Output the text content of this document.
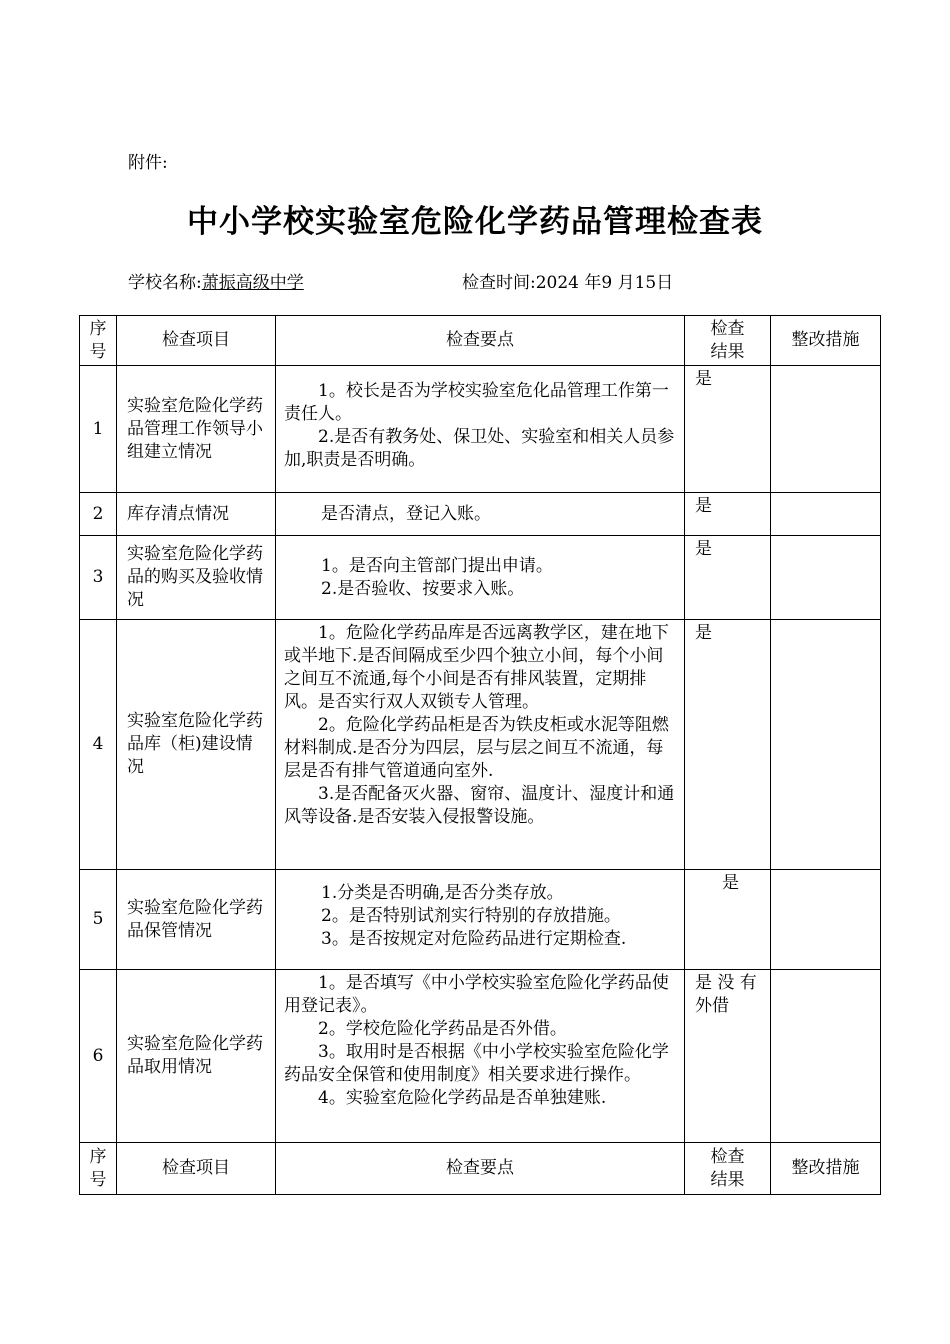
附件:
中小学校实验室危险化学药品管理检查表
学校名称:萧振高级中学	检查时间:2024 年9 月15日
序号	检查项目	检查要点	检查结果	整改措施
1	实验室危险化学药品管理工作领导小组建立情况	1。校长是否为学校实验室危化品管理工作第一责任人。

2.是否有教务处、保卫处、实验室和相关人员参加,职责是否明确。	是	
2	库存清点情况	是否清点，登记入账。	是	
3	实验室危险化学药品的购买及验收情况	1。是否向主管部门提出申请。

2.是否验收、按要求入账。	是	
4	实验室危险化学药品库（柜)建设情况	1。危险化学药品库是否远离教学区，建在地下或半地下.是否间隔成至少四个独立小间，每个小间之间互不流通,每个小间是否有排风装置，定期排风。是否实行双人双锁专人管理。

2。危险化学药品柜是否为铁皮柜或水泥等阻燃材料制成.是否分为四层，层与层之间互不流通，每层是否有排气管道通向室外.

3.是否配备灭火器、窗帘、温度计、湿度计和通风等设备.是否安装入侵报警设施。	是	
5	实验室危险化学药品保管情况	1.分类是否明确,是否分类存放。

2。是否特别试剂实行特别的存放措施。

3。是否按规定对危险药品进行定期检查.	是	
6	实验室危险化学药品取用情况	1。是否填写《中小学校实验室危险化学药品使用登记表》。

2。学校危险化学药品是否外借。

3。取用时是否根据《中小学校实验室危险化学药品安全保管和使用制度》相关要求进行操作。

4。实验室危险化学药品是否单独建账.	是 没 有外借	
序号	检查项目	检查要点	检查结果	整改措施
